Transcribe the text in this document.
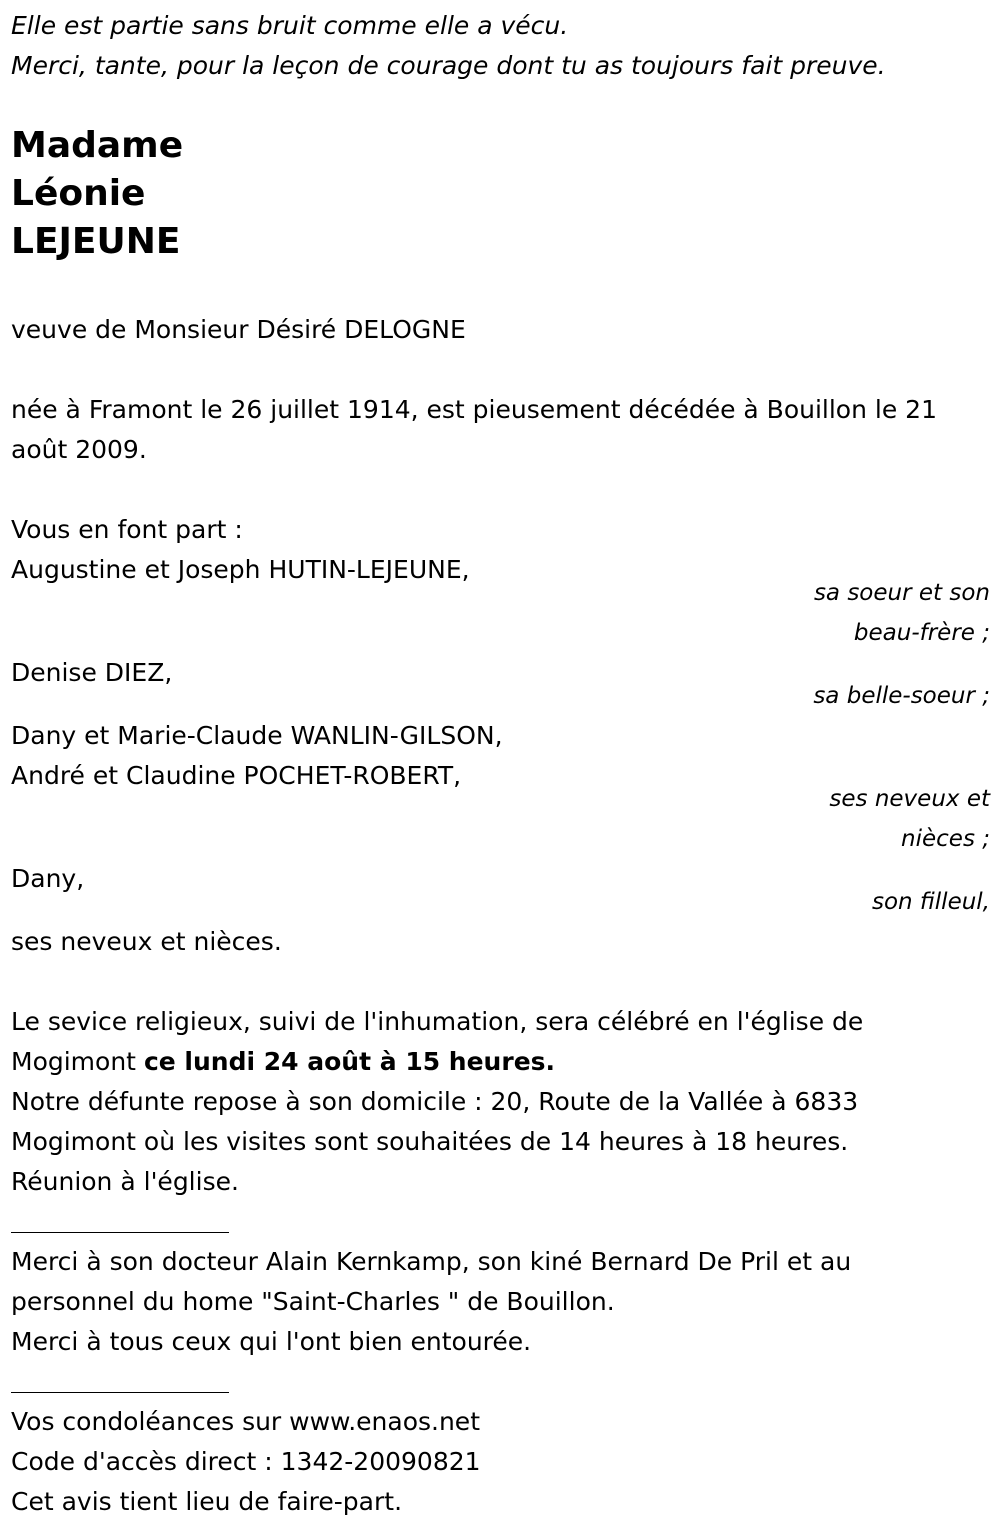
Elle est partie sans bruit comme elle a vécu.
Merci, tante, pour la leçon de courage dont tu as toujours fait preuve.
Madame
Léonie
LEJEUNE
veuve de Monsieur Désiré DELOGNE
née à Framont le 26 juillet 1914, est pieusement décédée à Bouillon le 21
août 2009.
Vous en font part :
Augustine et Joseph HUTIN-LEJEUNE,
sa soeur et son
beau-frère ;
Denise DIEZ,
sa belle-soeur ;
Dany et Marie-Claude WANLIN-GILSON,
André et Claudine POCHET-ROBERT,
ses neveux et
nièces ;
Dany,
son filleul,
ses neveux et nièces.
Le sevice religieux, suivi de l'inhumation, sera célébré en l'église de
Mogimont ce lundi 24 août à 15 heures.
Notre défunte repose à son domicile : 20, Route de la Vallée à 6833
Mogimont où les visites sont souhaitées de 14 heures à 18 heures.
Réunion à l'église.
Merci à son docteur Alain Kernkamp, son kiné Bernard De Pril et au
personnel du home "Saint-Charles " de Bouillon.
Merci à tous ceux qui l'ont bien entourée.
Vos condoléances sur www.enaos.net
Code d'accès direct : 1342-20090821
Cet avis tient lieu de faire-part.
